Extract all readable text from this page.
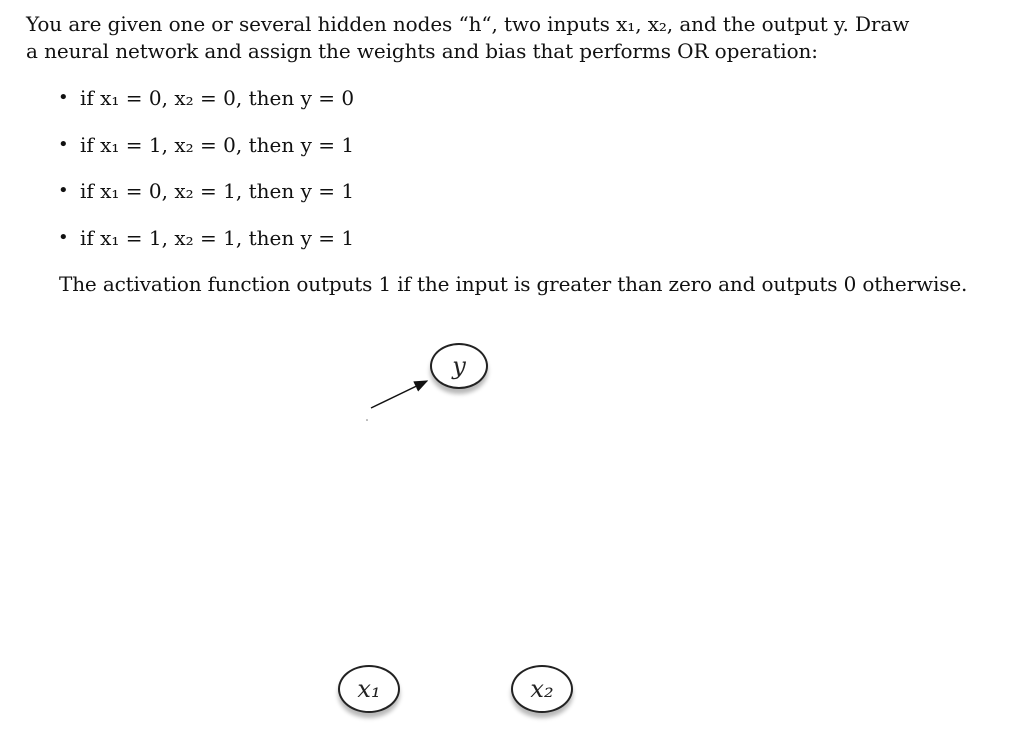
You are given one or several hidden nodes “h“, two inputs x₁, x₂, and the output y. Draw
a neural network and assign the weights and bias that performs OR operation:
• if x₁ = 0, x₂ = 0, then y = 0
• if x₁ = 1, x₂ = 0, then y = 1
• if x₁ = 0, x₂ = 1, then y = 1
• if x₁ = 1, x₂ = 1, then y = 1
The activation function outputs 1 if the input is greater than zero and outputs 0 otherwise.
y
x₁	x₂
